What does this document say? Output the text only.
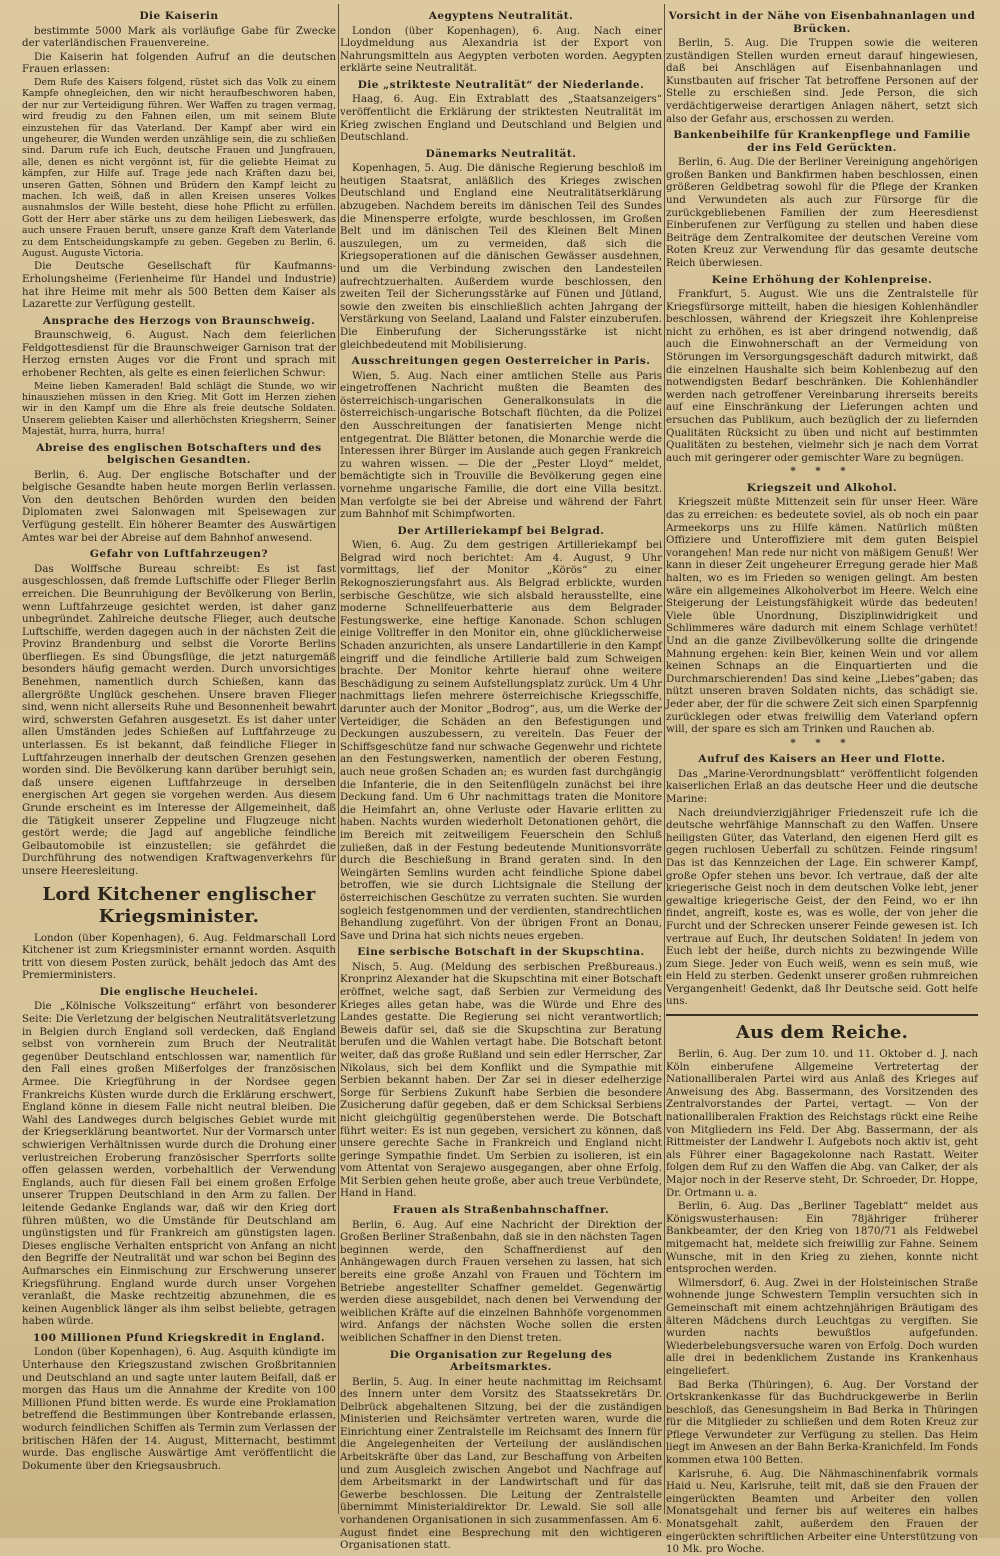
Die Kaiserin

bestimmte 5000 Mark als vorläufige Gabe für Zwecke der vaterländischen Frauenvereine.

Die Kaiserin hat folgenden Aufruf an die deutschen Frauen erlassen:

Dem Rufe des Kaisers folgend, rüstet sich das Volk zu einem Kampfe ohnegleichen, den wir nicht heraufbeschworen haben, der nur zur Verteidigung führen. Wer Waffen zu tragen vermag, wird freudig zu den Fahnen eilen, um mit seinem Blute einzustehen für das Vaterland. Der Kampf aber wird ein ungeheurer, die Wunden werden unzählige sein, die zu schließen sind. Darum rufe ich Euch, deutsche Frauen und Jungfrauen, alle, denen es nicht vergönnt ist, für die geliebte Heimat zu kämpfen, zur Hilfe auf. Trage jede nach Kräften dazu bei, unseren Gatten, Söhnen und Brüdern den Kampf leicht zu machen. Ich weiß, daß in allen Kreisen unseres Volkes ausnahmslos der Wille besteht, diese hohe Pflicht zu erfüllen. Gott der Herr aber stärke uns zu dem heiligen Liebeswerk, das auch unsere Frauen beruft, unsere ganze Kraft dem Vaterlande zu dem Entscheidungskampfe zu geben. Gegeben zu Berlin, 6. August. Auguste Victoria.

Die Deutsche Gesellschaft für Kaufmanns-Erholungsheime (Ferienheime für Handel und Industrie) hat ihre Heime mit mehr als 500 Betten dem Kaiser als Lazarette zur Verfügung gestellt.

Ansprache des Herzogs von Braunschweig.

Braunschweig, 6. August. Nach dem feierlichen Feldgottesdienst für die Braunschweiger Garnison trat der Herzog ernsten Auges vor die Front und sprach mit erhobener Rechten, als gelte es einen feierlichen Schwur:

Meine lieben Kameraden! Bald schlägt die Stunde, wo wir hinausziehen müssen in den Krieg. Mit Gott im Herzen ziehen wir in den Kampf um die Ehre als freie deutsche Soldaten. Unserem geliebten Kaiser und allerhöchsten Kriegsherrn, Seiner Majestät, hurra, hurra, hurra!

Abreise des englischen Botschafters und des belgischen Gesandten.

Berlin, 6. Aug. Der englische Botschafter und der belgische Gesandte haben heute morgen Berlin verlassen. Von den deutschen Behörden wurden den beiden Diplomaten zwei Salonwagen mit Speisewagen zur Verfügung gestellt. Ein höherer Beamter des Auswärtigen Amtes war bei der Abreise auf dem Bahnhof anwesend.

Gefahr von Luftfahrzeugen?

Das Wolffsche Bureau schreibt: Es ist fast ausgeschlossen, daß fremde Luftschiffe oder Flieger Berlin erreichen. Die Beunruhigung der Bevölkerung von Berlin, wenn Luftfahrzeuge gesichtet werden, ist daher ganz unbegründet. Zahlreiche deutsche Flieger, auch deutsche Luftschiffe, werden dagegen auch in der nächsten Zeit die Provinz Brandenburg und selbst die Vororte Berlins überfliegen. Es sind Übungsflüge, die jetzt naturgemäß besonders häufig gemacht werden. Durch unvorsichtiges Benehmen, namentlich durch Schießen, kann das allergrößte Unglück geschehen. Unsere braven Flieger sind, wenn nicht allerseits Ruhe und Besonnenheit bewahrt wird, schwersten Gefahren ausgesetzt. Es ist daher unter allen Umständen jedes Schießen auf Luftfahrzeuge zu unterlassen. Es ist bekannt, daß feindliche Flieger in Luftfahrzeugen innerhalb der deutschen Grenzen gesehen worden sind. Die Bevölkerung kann darüber beruhigt sein, daß unsere eigenen Luftfahrzeuge in derselben energischen Art gegen sie vorgehen werden. Aus diesem Grunde erscheint es im Interesse der Allgemeinheit, daß die Tätigkeit unserer Zeppeline und Flugzeuge nicht gestört werde; die Jagd auf angebliche feindliche Gelbautomobile ist einzustellen; sie gefährdet die Durchführung des notwendigen Kraftwagenverkehrs für unsere Heeresleitung.

Lord Kitchener englischer Kriegsminister.

London (über Kopenhagen), 6. Aug. Feldmarschall Lord Kitchener ist zum Kriegsminister ernannt worden. Asquith tritt von diesem Posten zurück, behält jedoch das Amt des Premierministers.

Die englische Heuchelei.

Die „Kölnische Volkszeitung“ erfährt von besonderer Seite: Die Verletzung der belgischen Neutralitätsverletzung in Belgien durch England soll verdecken, daß England selbst von vornherein zum Bruch der Neutralität gegenüber Deutschland entschlossen war, namentlich für den Fall eines großen Mißerfolges der französischen Armee. Die Kriegführung in der Nordsee gegen Frankreichs Küsten wurde durch die Erklärung erschwert, England könne in diesem Falle nicht neutral bleiben. Die Wahl des Landweges durch belgisches Gebiet wurde mit der Kriegserklärung beantwortet. Nur der Vormarsch unter schwierigen Verhältnissen wurde durch die Drohung einer verlustreichen Eroberung französischer Sperrforts sollte offen gelassen werden, vorbehaltlich der Verwendung Englands, auch für diesen Fall bei einem großen Erfolge unserer Truppen Deutschland in den Arm zu fallen. Der leitende Gedanke Englands war, daß wir den Krieg dort führen müßten, wo die Umstände für Deutschland am ungünstigsten und für Frankreich am günstigsten lagen. Dieses englische Verhalten entspricht von Anfang an nicht den Begriffe der Neutralität und war schon bei Beginn des Aufmarsches ein Einmischung zur Erschwerung unserer Kriegsführung. England wurde durch unser Vorgehen veranlaßt, die Maske rechtzeitig abzunehmen, die es keinen Augenblick länger als ihm selbst beliebte, getragen haben würde.

100 Millionen Pfund Kriegskredit in England.

London (über Kopenhagen), 6. Aug. Asquith kündigte im Unterhause den Kriegszustand zwischen Großbritannien und Deutschland an und sagte unter lautem Beifall, daß er morgen das Haus um die Annahme der Kredite von 100 Millionen Pfund bitten werde. Es wurde eine Proklamation betreffend die Bestimmungen über Kontrebande erlassen, wodurch feindlichen Schiffen als Termin zum Verlassen der britischen Häfen der 14. August, Mitternacht, bestimmt wurde. Das englische Auswärtige Amt veröffentlicht die Dokumente über den Kriegsausbruch.

Aegyptens Neutralität.

London (über Kopenhagen), 6. Aug. Nach einer Lloydmeldung aus Alexandria ist der Export von Nahrungsmitteln aus Aegypten verboten worden. Aegypten erklärte seine Neutralität.

Die „strikteste Neutralität“ der Niederlande.

Haag, 6. Aug. Ein Extrablatt des „Staatsanzeigers“ veröffentlicht die Erklärung der striktesten Neutralität im Krieg zwischen England und Deutschland und Belgien und Deutschland.

Dänemarks Neutralität.

Kopenhagen, 5. Aug. Die dänische Regierung beschloß im heutigen Staatsrat, anläßlich des Krieges zwischen Deutschland und England eine Neutralitätserklärung abzugeben. Nachdem bereits im dänischen Teil des Sundes die Minensperre erfolgte, wurde beschlossen, im Großen Belt und im dänischen Teil des Kleinen Belt Minen auszulegen, um zu vermeiden, daß sich die Kriegsoperationen auf die dänischen Gewässer ausdehnen, und um die Verbindung zwischen den Landesteilen aufrechtzuerhalten. Außerdem wurde beschlossen, den zweiten Teil der Sicherungsstärke auf Fünen und Jütland, sowie den zweiten bis einschließlich achten Jahrgang der Verstärkung von Seeland, Laaland und Falster einzuberufen. Die Einberufung der Sicherungsstärke ist nicht gleichbedeutend mit Mobilisierung.

Ausschreitungen gegen Oesterreicher in Paris.

Wien, 5. Aug. Nach einer amtlichen Stelle aus Paris eingetroffenen Nachricht mußten die Beamten des österreichisch-ungarischen Generalkonsulats in die österreichisch-ungarische Botschaft flüchten, da die Polizei den Ausschreitungen der fanatisierten Menge nicht entgegentrat. Die Blätter betonen, die Monarchie werde die Interessen ihrer Bürger im Auslande auch gegen Frankreich zu wahren wissen. — Die der „Pester Lloyd“ meldet, bemächtigte sich in Trouville die Bevölkerung gegen eine vornehme ungarische Familie, die dort eine Villa besitzt. Man verfolgte sie bei der Abreise und während der Fahrt zum Bahnhof mit Schimpfworten.

Der Artilleriekampf bei Belgrad.

Wien, 6. Aug. Zu dem gestrigen Artilleriekampf bei Belgrad wird noch berichtet: Am 4. August, 9 Uhr vormittags, lief der Monitor „Körös“ zu einer Rekognoszierungsfahrt aus. Als Belgrad erblickte, wurden serbische Geschütze, wie sich alsbald herausstellte, eine moderne Schnellfeuerbatterie aus dem Belgrader Festungswerke, eine heftige Kanonade. Schon schlugen einige Volltreffer in den Monitor ein, ohne glücklicherweise Schaden anzurichten, als unsere Landartillerie in den Kampf eingriff und die feindliche Artillerie bald zum Schweigen brachte. Der Monitor kehrte hierauf ohne weitere Beschädigung zu seinem Aufstellungsplatz zurück. Um 4 Uhr nachmittags liefen mehrere österreichische Kriegsschiffe, darunter auch der Monitor „Bodrog“, aus, um die Werke der Verteidiger, die Schäden an den Befestigungen und Deckungen auszubessern, zu vereiteln. Das Feuer der Schiffsgeschütze fand nur schwache Gegenwehr und richtete an den Festungswerken, namentlich der oberen Festung, auch neue großen Schaden an; es wurden fast durchgängig die Infanterie, die in den Seitenflügeln zunächst bei ihre Deckung fand. Um 6 Uhr nachmittags traten die Monitore die Heimfahrt an, ohne Verluste oder Havarie erlitten zu haben. Nachts wurden wiederholt Detonationen gehört, die im Bereich mit zeitweiligem Feuerschein den Schluß zuließen, daß in der Festung bedeutende Munitionsvorräte durch die Beschießung in Brand geraten sind. In den Weingärten Semlins wurden acht feindliche Spione dabei betroffen, wie sie durch Lichtsignale die Stellung der österreichischen Geschütze zu verraten suchten. Sie wurden sogleich festgenommen und der verdienten, standrechtlichen Behandlung zugeführt. Von der übrigen Front an Donau, Save und Drina hat sich nichts neues ergeben.

Eine serbische Botschaft in der Skupschtina.

Nisch, 5. Aug. (Meldung des serbischen Preßbureaus.) Kronprinz Alexander hat die Skupschtina mit einer Botschaft eröffnet, welche sagt, daß Serbien zur Vermeidung des Krieges alles getan habe, was die Würde und Ehre des Landes gestatte. Die Regierung sei nicht verantwortlich; Beweis dafür sei, daß sie die Skupschtina zur Beratung berufen und die Wahlen vertagt habe. Die Botschaft betont weiter, daß das große Rußland und sein edler Herrscher, Zar Nikolaus, sich bei dem Konflikt und die Sympathie mit Serbien bekannt haben. Der Zar sei in dieser edelherzige Sorge für Serbiens Zukunft habe Serbien die besondere Zusicherung dafür gegeben, daß er dem Schicksal Serbiens nicht gleichgültig gegenüberstehen werde. Die Botschaft führt weiter: Es ist nun gegeben, versichert zu können, daß unsere gerechte Sache in Frankreich und England nicht geringe Sympathie findet. Um Serbien zu isolieren, ist ein vom Attentat von Serajewo ausgegangen, aber ohne Erfolg. Mit Serbien gehen heute große, aber auch treue Verbündete, Hand in Hand.

Frauen als Straßenbahnschaffner.

Berlin, 6. Aug. Auf eine Nachricht der Direktion der Großen Berliner Straßenbahn, daß sie in den nächsten Tagen beginnen werde, den Schaffnerdienst auf den Anhängewagen durch Frauen versehen zu lassen, hat sich bereits eine große Anzahl von Frauen und Töchtern im Betriebe angestellter Schaffner gemeldet. Gegenwärtig werden diese ausgebildet, nach denen bei Verwendung der weiblichen Kräfte auf die einzelnen Bahnhöfe vorgenommen wird. Anfangs der nächsten Woche sollen die ersten weiblichen Schaffner in den Dienst treten.

Die Organisation zur Regelung des Arbeitsmarktes.

Berlin, 5. Aug. In einer heute nachmittag im Reichsamt des Innern unter dem Vorsitz des Staatssekretärs Dr. Delbrück abgehaltenen Sitzung, bei der die zuständigen Ministerien und Reichsämter vertreten waren, wurde die Einrichtung einer Zentralstelle im Reichsamt des Innern für die Angelegenheiten der Verteilung der ausländischen Arbeitskräfte über das Land, zur Beschaffung von Arbeiten und zum Ausgleich zwischen Angebot und Nachfrage auf dem Arbeitsmarkt in der Landwirtschaft und für das Gewerbe beschlossen. Die Leitung der Zentralstelle übernimmt Ministerialdirektor Dr. Lewald. Sie soll alle vorhandenen Organisationen in sich zusammenfassen. Am 6. August findet eine Besprechung mit den wichtigeren Organisationen statt.

Vorsicht in der Nähe von Eisenbahnanlagen und Brücken.

Berlin, 5. Aug. Die Truppen sowie die weiteren zuständigen Stellen wurden erneut darauf hingewiesen, daß bei Anschlägen auf Eisenbahnanlagen und Kunstbauten auf frischer Tat betroffene Personen auf der Stelle zu erschießen sind. Jede Person, die sich verdächtigerweise derartigen Anlagen nähert, setzt sich also der Gefahr aus, erschossen zu werden.

Bankenbeihilfe für Krankenpflege und Familie der ins Feld Gerückten.

Berlin, 6. Aug. Die der Berliner Vereinigung angehörigen großen Banken und Bankfirmen haben beschlossen, einen größeren Geldbetrag sowohl für die Pflege der Kranken und Verwundeten als auch zur Fürsorge für die zurückgebliebenen Familien der zum Heeresdienst Einberufenen zur Verfügung zu stellen und haben diese Beiträge dem Zentralkomitee der deutschen Vereine vom Roten Kreuz zur Verwendung für das gesamte deutsche Reich überwiesen.

Keine Erhöhung der Kohlenpreise.

Frankfurt, 5. August. Wie uns die Zentralstelle für Kriegsfürsorge mitteilt, haben die hiesigen Kohlenhändler beschlossen, während der Kriegszeit ihre Kohlenpreise nicht zu erhöhen, es ist aber dringend notwendig, daß auch die Einwohnerschaft an der Vermeidung von Störungen im Versorgungsgeschäft dadurch mitwirkt, daß die einzelnen Haushalte sich beim Kohlenbezug auf den notwendigsten Bedarf beschränken. Die Kohlenhändler werden nach getroffener Vereinbarung ihrerseits bereits auf eine Einschränkung der Lieferungen achten und ersuchen das Publikum, auch bezüglich der zu liefernden Qualitäten Rücksicht zu üben und nicht auf bestimmten Qualitäten zu bestehen, vielmehr sich je nach dem Vorrat auch mit geringerer oder gemischter Ware zu begnügen.

* * *
Kriegszeit und Alkohol.

Kriegszeit müßte Mittenzeit sein für unser Heer. Wäre das zu erreichen: es bedeutete soviel, als ob noch ein paar Armeekorps uns zu Hilfe kämen. Natürlich müßten Offiziere und Unteroffiziere mit dem guten Beispiel vorangehen! Man rede nur nicht von mäßigem Genuß! Wer kann in dieser Zeit ungeheurer Erregung gerade hier Maß halten, wo es im Frieden so wenigen gelingt. Am besten wäre ein allgemeines Alkoholverbot im Heere. Welch eine Steigerung der Leistungsfähigkeit würde das bedeuten! Viele üble Unordnung, Disziplinwidrigkeit und Schlimmeres wäre dadurch mit einem Schlage verhütet! Und an die ganze Zivilbevölkerung sollte die dringende Mahnung ergehen: kein Bier, keinen Wein und vor allem keinen Schnaps an die Einquartierten und die Durchmarschierenden! Das sind keine „Liebes“gaben; das nützt unseren braven Soldaten nichts, das schädigt sie. Jeder aber, der für die schwere Zeit sich einen Sparpfennig zurücklegen oder etwas freiwillig dem Vaterland opfern will, der spare es sich am Trinken und Rauchen ab.

* * *
Aufruf des Kaisers an Heer und Flotte.

Das „Marine-Verordnungsblatt“ veröffentlicht folgenden kaiserlichen Erlaß an das deutsche Heer und die deutsche Marine:

Nach dreiundvierzigjähriger Friedenszeit rufe ich die deutsche wehrfähige Mannschaft zu den Waffen. Unsere heiligsten Güter, das Vaterland, den eigenen Herd gilt es gegen ruchlosen Ueberfall zu schützen. Feinde ringsum! Das ist das Kennzeichen der Lage. Ein schwerer Kampf, große Opfer stehen uns bevor. Ich vertraue, daß der alte kriegerische Geist noch in dem deutschen Volke lebt, jener gewaltige kriegerische Geist, der den Feind, wo er ihn findet, angreift, koste es, was es wolle, der von jeher die Furcht und der Schrecken unserer Feinde gewesen ist. Ich vertraue auf Euch, Ihr deutschen Soldaten! In jedem von Euch lebt der heiße, durch nichts zu bezwingende Wille zum Siege. Jeder von Euch weiß, wenn es sein muß, wie ein Held zu sterben. Gedenkt unserer großen ruhmreichen Vergangenheit! Gedenkt, daß Ihr Deutsche seid. Gott helfe uns.

Aus dem Reiche.

Berlin, 6. Aug. Der zum 10. und 11. Oktober d. J. nach Köln einberufene Allgemeine Vertretertag der Nationalliberalen Partei wird aus Anlaß des Krieges auf Anweisung des Abg. Bassermann, des Vorsitzenden des Zentralvorstandes der Partei, vertagt. — Von der nationalliberalen Fraktion des Reichstags rückt eine Reihe von Mitgliedern ins Feld. Der Abg. Bassermann, der als Rittmeister der Landwehr I. Aufgebots noch aktiv ist, geht als Führer einer Bagagekolonne nach Rastatt. Weiter folgen dem Ruf zu den Waffen die Abg. van Calker, der als Major noch in der Reserve steht, Dr. Schroeder, Dr. Hoppe, Dr. Ortmann u. a.

Berlin, 6. Aug. Das „Berliner Tageblatt“ meldet aus Königswusterhausen: Ein 78jähriger früherer Bankbeamter, der den Krieg von 1870/71 als Feldwebel mitgemacht hat, meldete sich freiwillig zur Fahne. Seinem Wunsche, mit in den Krieg zu ziehen, konnte nicht entsprochen werden.

Wilmersdorf, 6. Aug. Zwei in der Holsteinischen Straße wohnende junge Schwestern Templin versuchten sich in Gemeinschaft mit einem achtzehnjährigen Bräutigam des älteren Mädchens durch Leuchtgas zu vergiften. Sie wurden nachts bewußtlos aufgefunden. Wiederbelebungsversuche waren von Erfolg. Doch wurden alle drei in bedenklichem Zustande ins Krankenhaus eingeliefert.

Bad Berka (Thüringen), 6. Aug. Der Vorstand der Ortskrankenkasse für das Buchdruckgewerbe in Berlin beschloß, das Genesungsheim in Bad Berka in Thüringen für die Mitglieder zu schließen und dem Roten Kreuz zur Pflege Verwundeter zur Verfügung zu stellen. Das Heim liegt im Anwesen an der Bahn Berka-Kranichfeld. Im Fonds kommen etwa 100 Betten.

Karlsruhe, 6. Aug. Die Nähmaschinenfabrik vormals Haid u. Neu, Karlsruhe, teilt mit, daß sie den Frauen der eingerückten Beamten und Arbeiter den vollen Monatsgehalt und ferner bis auf weiteres ein halbes Monatsgehalt zahlt, außerdem den Frauen der eingerückten schriftlichen Arbeiter eine Unterstützung von 10 Mk. pro Woche.
